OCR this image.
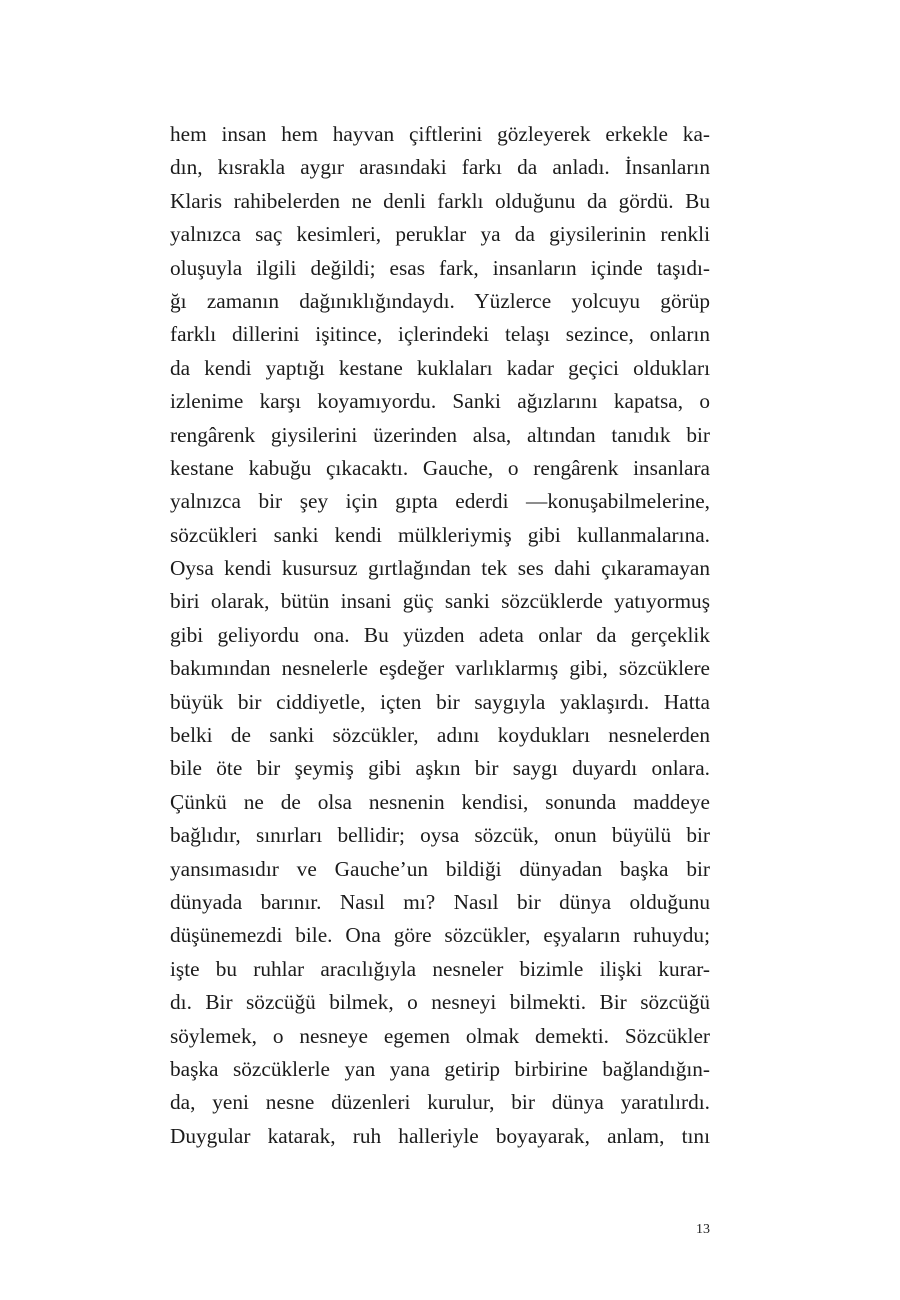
hem insan hem hayvan çiftlerini gözleyerek erkekle ka-
dın, kısrakla aygır arasındaki farkı da anladı. İnsanların
Klaris rahibelerden ne denli farklı olduğunu da gördü. Bu
yalnızca saç kesimleri, peruklar ya da giysilerinin renkli
oluşuyla ilgili değildi; esas fark, insanların içinde taşıdı-
ğı zamanın dağınıklığındaydı. Yüzlerce yolcuyu görüp
farklı dillerini işitince, içlerindeki telaşı sezince, onların
da kendi yaptığı kestane kuklaları kadar geçici oldukları
izlenime karşı koyamıyordu. Sanki ağızlarını kapatsa, o
rengârenk giysilerini üzerinden alsa, altından tanıdık bir
kestane kabuğu çıkacaktı. Gauche, o rengârenk insanlara
yalnızca bir şey için gıpta ederdi —konuşabilmelerine,
sözcükleri sanki kendi mülkleriymiş gibi kullanmalarına.
Oysa kendi kusursuz gırtlağından tek ses dahi çıkaramayan
biri olarak, bütün insani güç sanki sözcüklerde yatıyormuş
gibi geliyordu ona. Bu yüzden adeta onlar da gerçeklik
bakımından nesnelerle eşdeğer varlıklarmış gibi, sözcüklere
büyük bir ciddiyetle, içten bir saygıyla yaklaşırdı. Hatta
belki de sanki sözcükler, adını koydukları nesnelerden
bile öte bir şeymiş gibi aşkın bir saygı duyardı onlara.
Çünkü ne de olsa nesnenin kendisi, sonunda maddeye
bağlıdır, sınırları bellidir; oysa sözcük, onun büyülü bir
yansımasıdır ve Gauche’un bildiği dünyadan başka bir
dünyada barınır. Nasıl mı? Nasıl bir dünya olduğunu
düşünemezdi bile. Ona göre sözcükler, eşyaların ruhuydu;
işte bu ruhlar aracılığıyla nesneler bizimle ilişki kurar-
dı. Bir sözcüğü bilmek, o nesneyi bilmekti. Bir sözcüğü
söylemek, o nesneye egemen olmak demekti. Sözcükler
başka sözcüklerle yan yana getirip birbirine bağlandığın-
da, yeni nesne düzenleri kurulur, bir dünya yaratılırdı.
Duygular katarak, ruh halleriyle boyayarak, anlam, tını
13
